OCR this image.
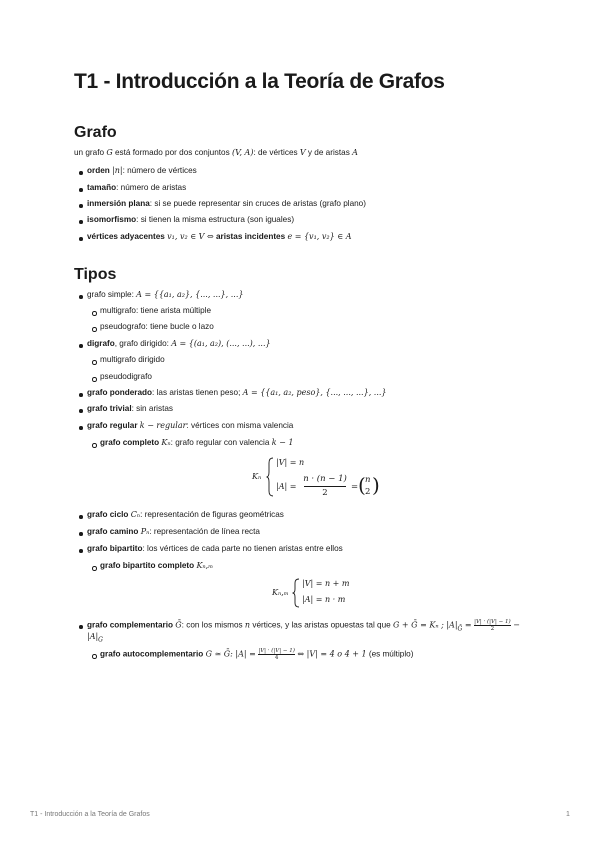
T1 - Introducción a la Teoría de Grafos
Grafo
un grafo G está formado por dos conjuntos (V, A): de vértices V y de aristas A
orden |n|: número de vértices
tamaño: número de aristas
inmersión plana: si se puede representar sin cruces de aristas (grafo plano)
isomorfismo: si tienen la misma estructura (son iguales)
vértices adyacentes v₁, v₂ ∈ V ⇔ aristas incidentes e = {v₁, v₂} ∈ A
Tipos
grafo simple: A = {{a₁, a₂}, {..., ...}, ...}
multigrafo: tiene arista múltiple
pseudografo: tiene bucle o lazo
digrafo, grafo dirigido: A = {(a₁, a₂), (..., ...), ...}
multigrafo dirigido
pseudodigrafo
grafo ponderado: las aristas tienen peso; A = {{a₁, a₂, peso}, {..., ..., ...}, ...}
grafo trivial: sin aristas
grafo regular k − regular: vértices con misma valencia
grafo completo Kₙ: grafo regular con valencia k − 1
Kₙ
|V| = n
|A| =
n · (n − 1)
2
= ( n
2 )
grafo ciclo Cₙ: representación de figuras geométricas
grafo camino Pₙ: representación de línea recta
grafo bipartito: los vértices de cada parte no tienen aristas entre ellos
grafo bipartito completo Kₙ,ₘ
Kₙ,ₘ
|V| = n + m
|A| = n · m
grafo complementario Ḡ: con los mismos n vértices, y las aristas opuestas tal que G + Ḡ = Kₙ ; $|A|_Ḡ = \frac{|V| \cdot (|V| - 1)}{2}$ −
$|A|_G$
grafo autocomplementario G ≃ Ḡ: $|A| = \frac{|V| \cdot (|V| - 1)}{4}$ ⇔ |V| = 4̇ o 4̇ + 1 (es múltiplo)
T1 - Introducción a la Teoría de Grafos	1
